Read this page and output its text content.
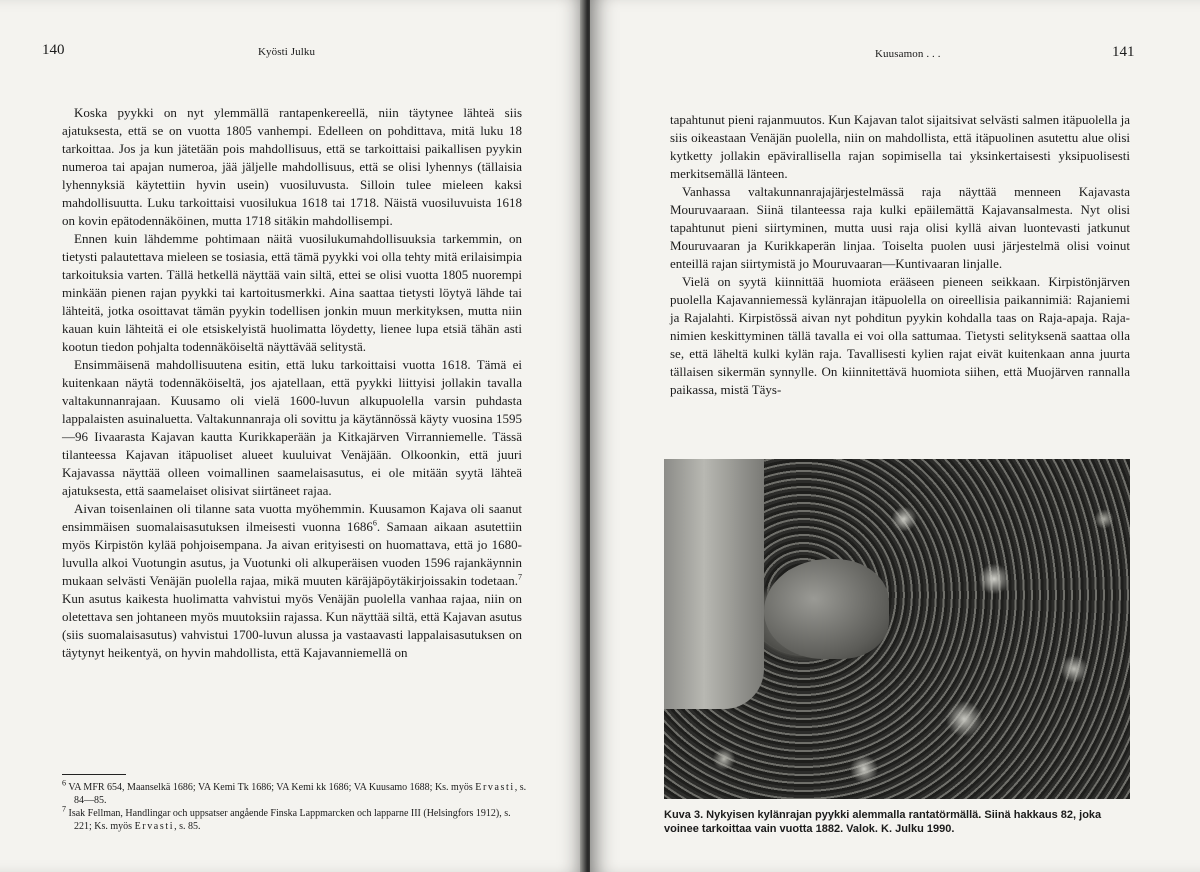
140	Kyösti Julku

Koska pyykki on nyt ylemmällä rantapenkereellä, niin täytynee lähteä siis ajatuksesta, että se on vuotta 1805 vanhempi. Edelleen on pohdittava, mitä luku 18 tarkoittaa. Jos ja kun jätetään pois mahdollisuus, että se tarkoittaisi paikallisen pyykin numeroa tai apajan numeroa, jää jäljelle mahdollisuus, että se olisi lyhennys (tällaisia lyhennyksiä käytettiin hyvin usein) vuosiluvusta. Silloin tulee mieleen kaksi mahdollisuutta. Luku tarkoittaisi vuosilukua 1618 tai 1718. Näistä vuosiluvuista 1618 on kovin epätodennäköinen, mutta 1718 sitäkin mahdollisempi.

Ennen kuin lähdemme pohtimaan näitä vuosilukumahdollisuuksia tarkemmin, on tietysti palautettava mieleen se tosiasia, että tämä pyykki voi olla tehty mitä erilaisimpia tarkoituksia varten. Tällä hetkellä näyttää vain siltä, ettei se olisi vuotta 1805 nuorempi minkään pienen rajan pyykki tai kartoitusmerkki. Aina saattaa tietysti löytyä lähde tai lähteitä, jotka osoittavat tämän pyykin todellisen jonkin muun merkityksen, mutta niin kauan kuin lähteitä ei ole etsiskelyistä huolimatta löydetty, lienee lupa etsiä tähän asti kootun tiedon pohjalta todennäköiseltä näyttävää selitystä.

Ensimmäisenä mahdollisuutena esitin, että luku tarkoittaisi vuotta 1618. Tämä ei kuitenkaan näytä todennäköiseltä, jos ajatellaan, että pyykki liittyisi jollakin tavalla valtakunnanrajaan. Kuusamo oli vielä 1600-luvun alkupuolella varsin puhdasta lappalaisten asuinaluetta. Valtakunnanraja oli sovittu ja käytännössä käyty vuosina 1595—96 Iivaarasta Kajavan kautta Kurikkaperään ja Kitkajärven Virranniemelle. Tässä tilanteessa Kajavan itäpuoliset alueet kuuluivat Venäjään. Olkoonkin, että juuri Kajavassa näyttää olleen voimallinen saamelaisasutus, ei ole mitään syytä lähteä ajatuksesta, että saamelaiset olisivat siirtäneet rajaa.

Aivan toisenlainen oli tilanne sata vuotta myöhemmin. Kuusamon Kajava oli saanut ensimmäisen suomalaisasutuksen ilmeisesti vuonna 1686$^6$. Samaan aikaan asutettiin myös Kirpistön kylää pohjoisempana. Ja aivan erityisesti on huomattava, että jo 1680-luvulla alkoi Vuotungin asutus, ja Vuotunki oli alkuperäisen vuoden 1596 rajankäynnin mukaan selvästi Venäjän puolella rajaa, mikä muuten käräjäpöytäkirjoissakin todetaan.$^7$ Kun asutus kaikesta huolimatta vahvistui myös Venäjän puolella vanhaa rajaa, niin on oletettava sen johtaneen myös muutoksiin rajassa. Kun näyttää siltä, että Kajavan asutus (siis suomalaisasutus) vahvistui 1700-luvun alussa ja vastaavasti lappalaisasutuksen on täytynyt heikentyä, on hyvin mahdollista, että Kajavanniemellä on

$^6$ VA MFR 654, Maanselkä 1686; VA Kemi Tk 1686; VA Kemi kk 1686; VA Kuusamo 1688; Ks. myös Ervasti, s. 84—85.

$^7$ Isak Fellman, Handlingar och uppsatser angående Finska Lappmarcken och lapparne III (Helsingfors 1912), s. 221; Ks. myös Ervasti, s. 85.

Kuusamon . . .	141

tapahtunut pieni rajanmuutos. Kun Kajavan talot sijaitsivat selvästi salmen itäpuolella ja siis oikeastaan Venäjän puolella, niin on mahdollista, että itäpuolinen asutettu alue olisi kytketty jollakin epävirallisella rajan sopimisella tai yksinkertaisesti yksipuolisesti merkitsemällä länteen.

Vanhassa valtakunnanrajajärjestelmässä raja näyttää menneen Kajavasta Mouruvaaraan. Siinä tilanteessa raja kulki epäilemättä Kajavansalmesta. Nyt olisi tapahtunut pieni siirtyminen, mutta uusi raja olisi kyllä aivan luontevasti jatkunut Mouruvaaran ja Kurikkaperän linjaa. Toiselta puolen uusi järjestelmä olisi voinut enteillä rajan siirtymistä jo Mouruvaaran—Kuntivaaran linjalle.

Vielä on syytä kiinnittää huomiota erääseen pieneen seikkaan. Kirpistönjärven puolella Kajavanniemessä kylänrajan itäpuolella on oireellisia paikannimiä: Rajaniemi ja Rajalahti. Kirpistössä aivan nyt pohditun pyykin kohdalla taas on Raja-apaja. Raja-nimien keskittyminen tällä tavalla ei voi olla sattumaa. Tietysti selityksenä saattaa olla se, että läheltä kulki kylän raja. Tavallisesti kylien rajat eivät kuitenkaan anna juurta tällaisen sikermän synnylle. On kiinnitettävä huomiota siihen, että Muojärven rannalla paikassa, mistä Täys-

Kuva 3. Nykyisen kylänrajan pyykki alemmalla rantatörmällä. Siinä hakkaus 82, joka voinee tarkoittaa vain vuotta 1882. Valok. K. Julku 1990.
